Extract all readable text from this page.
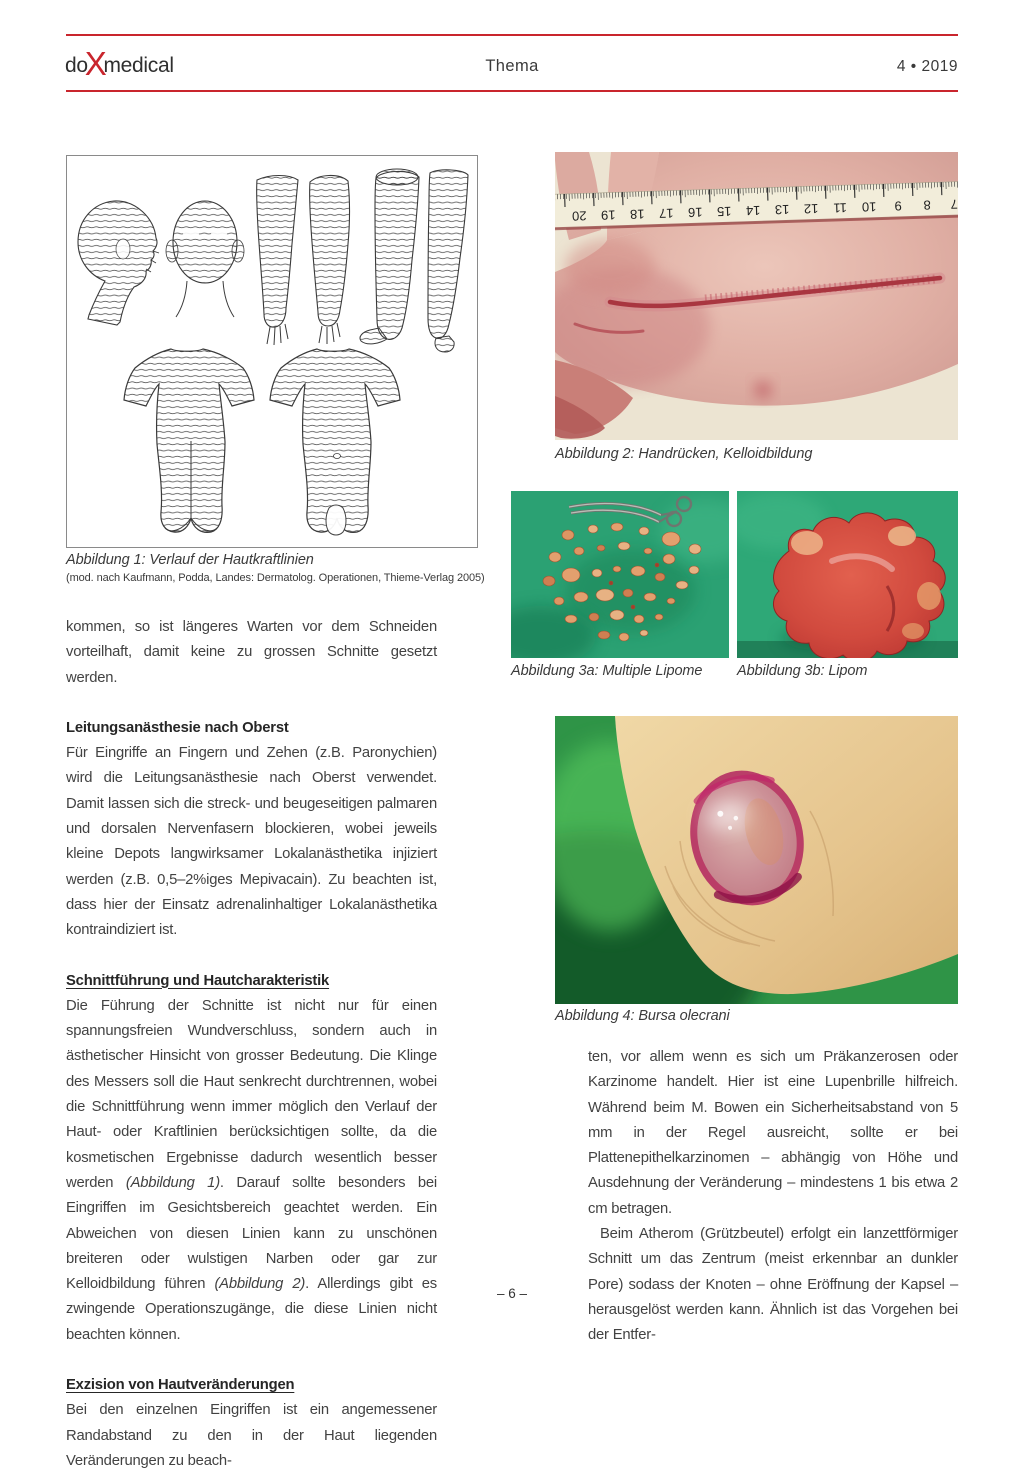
do
X
medical	Thema	4 • 2019
Abbildung 1: Verlauf der Hautkraftlinien
(mod. nach Kaufmann, Podda, Landes: Dermatolog. Operationen, Thieme-Verlag 2005)
20 19 18 17 16 15 14 13 12 11 10 9 8 7
Abbildung 2: Handrücken, Kelloidbildung
Abbildung 3a: Multiple Lipome Abbildung 3b: Lipom
Abbildung 4: Bursa olecrani

kommen, so ist längeres Warten vor dem Schneiden vorteilhaft, damit keine zu grossen Schnitte gesetzt werden.

Leitungsanästhesie nach Oberst

Für Eingriffe an Fingern und Zehen (z.B. Paronychien) wird die Leitungsanästhesie nach Oberst verwendet. Damit lassen sich die streck- und beugeseitigen palmaren und dorsalen Nervenfasern blockieren, wobei jeweils kleine Depots langwirksamer Lokalanästhetika injiziert werden (z.B. 0,5–2%iges Mepivacain). Zu beachten ist, dass hier der Einsatz adrenalinhaltiger Lokalanästhetika kontraindiziert ist.

Schnittführung und Hautcharakteristik

Die Führung der Schnitte ist nicht nur für einen spannungsfreien Wundverschluss, sondern auch in ästhetischer Hinsicht von grosser Bedeutung. Die Klinge des Messers soll die Haut senkrecht durchtrennen, wobei die Schnittführung wenn immer möglich den Verlauf der Haut- oder Kraftlinien berücksichtigen sollte, da die kosmetischen Ergebnisse dadurch wesentlich besser werden (Abbildung 1). Darauf sollte besonders bei Eingriffen im Gesichtsbereich geachtet werden. Ein Abweichen von diesen Linien kann zu unschönen breiteren oder wulstigen Narben oder gar zur Kelloidbildung führen (Abbildung 2). Allerdings gibt es zwingende Operationszugänge, die diese Linien nicht beachten können.

Exzision von Hautveränderungen

Bei den einzelnen Eingriffen ist ein angemessener Randabstand zu den in der Haut liegenden Veränderungen zu beach-

ten, vor allem wenn es sich um Präkanzerosen oder Karzinome handelt. Hier ist eine Lupenbrille hilfreich. Während beim M. Bowen ein Sicherheitsabstand von 5 mm in der Regel ausreicht, sollte er bei Plattenepithelkarzinomen – abhängig von Höhe und Ausdehnung der Veränderung – mindestens 1 bis etwa 2 cm betragen.

Beim Atherom (Grützbeutel) erfolgt ein lanzettförmiger Schnitt um das Zentrum (meist erkennbar an dunkler Pore) sodass der Knoten – ohne Eröffnung der Kapsel – herausgelöst werden kann. Ähnlich ist das Vorgehen bei der Entfer-

– 6 –
